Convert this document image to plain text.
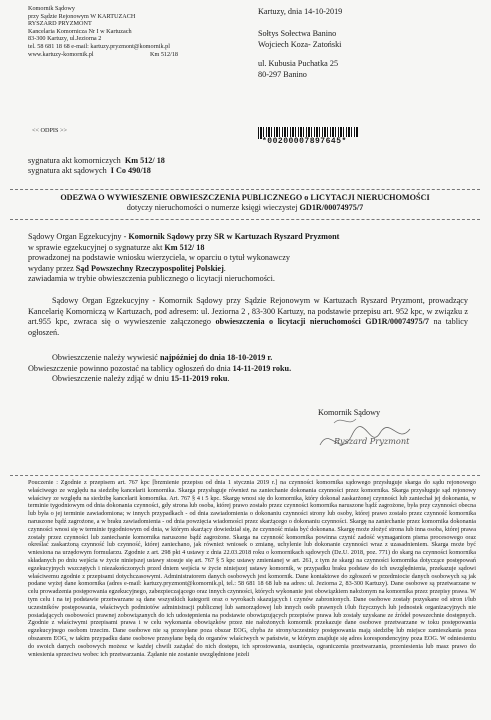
Komornik Sądowy
przy Sądzie Rejonowym W KARTUZACH
RYSZARD PRYZMONT
Kancelaria Komornicza Nr I w Kartuzach
83-300 Kartuzy, ul.Jeziorna 2
tel. 58 681 18 68 e-mail: kartuzy.pryzmont@komornik.pl
www.kartuzy-komornik.pl	Km 512/18
<< ODPIS >>
Kartuzy, dnia 14-10-2019
Sołtys Sołectwa Banino
Wojciech Koza- Zatoński
ul. Kubusia Puchatka 25
80-297 Banino
*00200007897645*
sygnatura akt komorniczych Km 512/ 18
sygnatura akt sądowych I Co 490/18
ODEZWA O WYWIESZENIE OBWIESZCZENIA PUBLICZNEGO o LICYTACJI NIERUCHOMOŚCI
dotyczy nieruchomości o numerze księgi wieczystej GD1R/00074975/7
Sądowy Organ Egzekucyjny - Komornik Sądowy przy SR w Kartuzach Ryszard Pryzmont
w sprawie egzekucyjnej o sygnaturze akt Km 512/ 18
prowadzonej na podstawie wniosku wierzyciela, w oparciu o tytuł wykonawczy
wydany przez Sąd Powszechny Rzeczypospolitej Polskiej.
zawiadamia w trybie obwieszczenia publicznego o licytacji nieruchomości.
Sądowy Organ Egzekucyjny - Komornik Sądowy przy Sądzie Rejonowym w Kartuzach Ryszard Pryzmont, prowadzący Kancelarię Komorniczą w Kartuzach, pod adresem: ul. Jeziorna 2 , 83-300 Kartuzy, na podstawie przepisu art. 952 kpc, w związku z art.955 kpc, zwraca się o wywieszenie załączonego obwieszczenia o licytacji nieruchomości GD1R/00074975/7 na tablicy ogłoszeń.
Obwieszczenie należy wywiesić najpóźniej do dnia 18-10-2019 r.
Obwieszczenie powinno pozostać na tablicy ogłoszeń do dnia 14-11-2019 roku.
Obwieszczenie należy zdjąć w dniu 15-11-2019 roku.
Komornik Sądowy
Ryszard Pryzmont
Pouczenie : Zgodnie z przepisem art. 767 kpc [brzmienie przepisu od dnia 1 stycznia 2019 r.] na czynności komornika sądowego przysługuje skarga do sądu rejonowego właściwego ze względu na siedzibę kancelarii komornika. Skarga przysługuje również na zaniechanie dokonania czynności przez komornika. Skarga przysługuje sąd rejonowy właściwy ze względu na siedzibę kancelarii komornika. Art. 767 § 4 i 5 kpc. Skargę wnosi się do komornika, który dokonał zaskarżonej czynności lub zaniechał jej dokonania, w terminie tygodniowym od dnia dokonania czynności, gdy strona lub osoba, której prawo zostało przez czynności komornika naruszone bądź zagrożone, była przy czynności obecna lub była o jej terminie zawiadomiona; w innych przypadkach - od dnia zawiadomienia o dokonaniu czynności strony lub osoby, której prawo zostało przez czynność komornika naruszone bądź zagrożone, a w braku zawiadomienia - od dnia powzięcia wiadomości przez skarżącego o dokonaniu czynności. Skargę na zaniechanie przez komornika dokonania czynności wnosi się w terminie tygodniowym od dnia, w którym skarżący dowiedział się, że czynność miała być dokonana. Skargę może złożyć strona lub inna osoba, której prawa zostały przez czynności lub zaniechanie komornika naruszone bądź zagrożone. Skarga na czynność komornika powinna czynić zadość wymaganiom pisma procesowego oraz określać zaskarżoną czynność lub czynność, której zaniechano, jak również wniosek o zmianę, uchylenie lub dokonanie czynności wraz z uzasadnieniem. Skarga może być wniesiona na urzędowym formularzu. Zgodnie z art. 298 pkt 4 ustawy z dnia 22.03.2018 roku o komornikach sądowych (Dz.U. 2018, poz. 771) do skarg na czynności komornika składanych po dniu wejścia w życie niniejszej ustawy stosuje się art. 767 § 5 kpc ustawy zmienianej w art. 261, z tym że skargi na czynności komornika dotyczące postępowań egzekucyjnych wszczętych i niezakończonych przed dniem wejścia w życie niniejszej ustawy komornik, w przypadku braku podstaw do ich uwzględnienia, przekazuje sądowi właściwemu zgodnie z przepisami dotychczasowymi. Administratorem danych osobowych jest komornik. Dane kontaktowe do zgłoszeń w przedmiocie danych osobowych są jak podane wyżej dane komornika (adres e-mail: kartuzy.pryzmont@komornik.pl, tel.: 58 681 18 68 lub na adres: ul. Jeziorna 2, 83-300 Kartuzy). Dane osobowe są przetwarzane w celu prowadzenia postępowania egzekucyjnego, zabezpieczającego oraz innych czynności, których wykonanie jest obowiązkiem nałożonym na komornika przez przepisy prawa. W tym celu i na tej podstawie przetwarzane są dane wszystkich kategorii oraz o wyrokach skazujących i czynów zabronionych. Dane osobowe zostały pozyskane od stron i/lub uczestników postępowania, właściwych podmiotów administracji publicznej lub samorządowej lub innych osób prawnych i/lub fizycznych lub jednostek organizacyjnych nie posiadających osobowości prawnej zobowiązanych do ich udostępnienia na podstawie obowiązujących przepisów prawa lub zostały uzyskane ze źródeł powszechnie dostępnych. Zgodnie z właściwymi przepisami prawa i w celu wykonania obowiązków przez nie nałożonych komornik przekazuje dane osobowe przetwarzane w toku postępowania egzekucyjnego osobom trzecim. Dane osobowe nie są przesyłane poza obszar EOG, chyba że strony/uczestnicy postępowania mają siedzibę lub miejsce zamieszkania poza obszarem EOG, w takim przypadku dane osobowe przesyłane będą do organów właściwych w państwie, w którym znajduje się adres korespondencyjny poza EOG. W odniesieniu do swoich danych osobowych możesz w każdej chwili zażądać do nich dostępu, ich sprostowania, usunięcia, ograniczenia przetwarzania, przeniesienia lub masz prawo do wniesienia sprzeciwu wobec ich przetwarzania. Żądanie nie zostanie uwzględnione jeżeli
